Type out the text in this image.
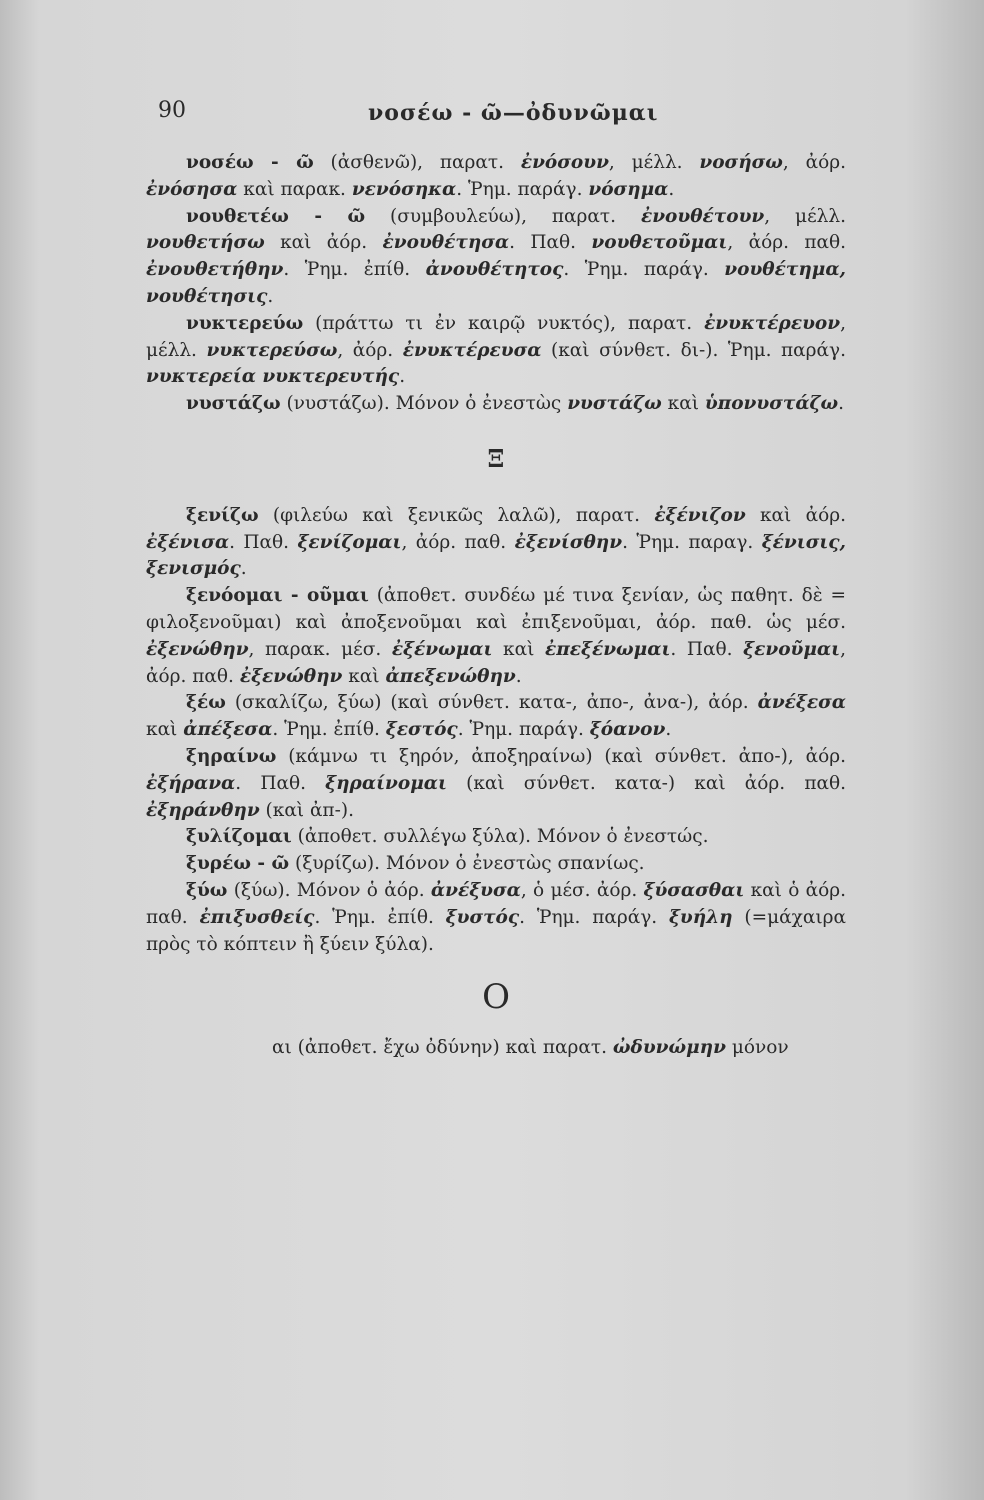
90	νοσέω - ῶ—ὀδυνῶμαι

νοσέω - ῶ (ἀσθενῶ), παρατ. ἐνόσουν, μέλλ. νοσήσω, ἀόρ. ἐνόσησα καὶ παρακ. νενόσηκα. Ῥημ. παράγ. νόσημα.

νουθετέω - ῶ (συμβουλεύω), παρατ. ἐνουθέτουν, μέλλ. νουθετήσω καὶ ἀόρ. ἐνουθέτησα. Παθ. νουθετοῦμαι, ἀόρ. παθ. ἐνουθετήθην. Ῥημ. ἐπίθ. ἀνουθέτητος. Ῥημ. παράγ. νουθέτημα, νουθέτησις.

νυκτερεύω (πράττω τι ἐν καιρῷ νυκτός), παρατ. ἐνυκτέρευον, μέλλ. νυκτερεύσω, ἀόρ. ἐνυκτέρευσα (καὶ σύνθετ. δι-). Ῥημ. παράγ. νυκτερεία νυκτερευτής.

νυστάζω (νυστάζω). Μόνον ὁ ἐνεστὼς νυστάζω καὶ ὑπονυστάζω.

Ξ

ξενίζω (φιλεύω καὶ ξενικῶς λαλῶ), παρατ. ἐξένιζον καὶ ἀόρ. ἐξένισα. Παθ. ξενίζομαι, ἀόρ. παθ. ἐξενίσθην. Ῥημ. παραγ. ξένισις, ξενισμός.

ξενόομαι - οῦμαι (ἀποθετ. συνδέω μέ τινα ξενίαν, ὡς παθητ. δὲ = φιλοξενοῦμαι) καὶ ἀποξενοῦμαι καὶ ἐπιξενοῦμαι, ἀόρ. παθ. ὡς μέσ. ἐξενώθην, παρακ. μέσ. ἐξένωμαι καὶ ἐπεξένωμαι. Παθ. ξενοῦμαι, ἀόρ. παθ. ἐξενώθην καὶ ἀπεξενώθην.

ξέω (σκαλίζω, ξύω) (καὶ σύνθετ. κατα-, ἀπο-, ἀνα-), ἀόρ. ἀνέξεσα καὶ ἀπέξεσα. Ῥημ. ἐπίθ. ξεστός. Ῥημ. παράγ. ξόανον.

ξηραίνω (κάμνω τι ξηρόν, ἀποξηραίνω) (καὶ σύνθετ. ἀπο-), ἀόρ. ἐξήρανα. Παθ. ξηραίνομαι (καὶ σύνθετ. κατα-) καὶ ἀόρ. παθ. ἐξηράνθην (καὶ ἀπ-).

ξυλίζομαι (ἀποθετ. συλλέγω ξύλα). Μόνον ὁ ἐνεστώς.

ξυρέω - ῶ (ξυρίζω). Μόνον ὁ ἐνεστὼς σπανίως.

ξύω (ξύω). Μόνον ὁ ἀόρ. ἀνέξυσα, ὁ μέσ. ἀόρ. ξύσασθαι καὶ ὁ ἀόρ. παθ. ἐπιξυσθείς. Ῥημ. ἐπίθ. ξυστός. Ῥημ. παράγ. ξυήλη (=μάχαιρα πρὸς τὸ κόπτειν ἢ ξύειν ξύλα).

Ο

αι (ἀποθετ. ἔχω ὀδύνην) καὶ παρατ. ὠδυνώμην μόνον
